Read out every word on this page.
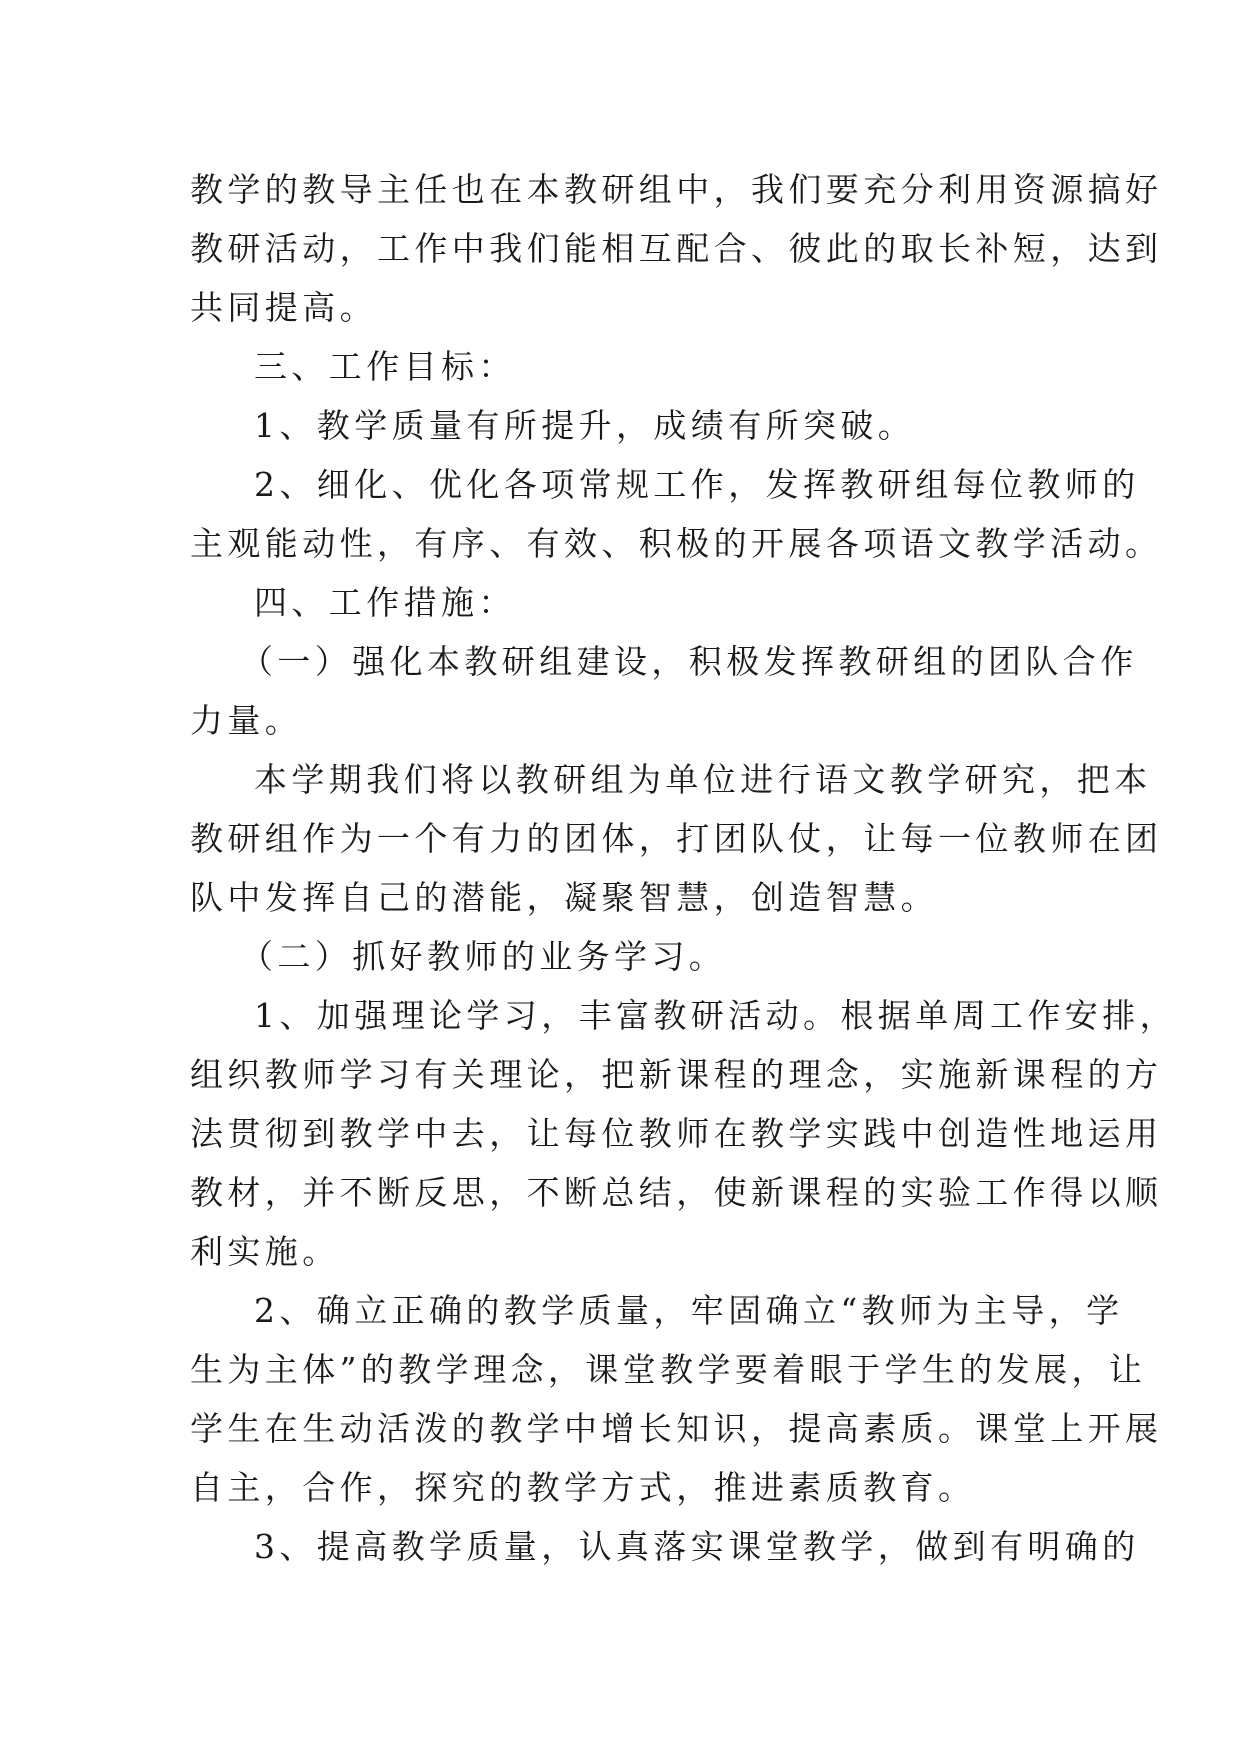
教学的教导主任也在本教研组中，我们要充分利用资源搞好
教研活动，工作中我们能相互配合、彼此的取长补短，达到
共同提高。
三、工作目标：
1、教学质量有所提升，成绩有所突破。
2、细化、优化各项常规工作，发挥教研组每位教师的
主观能动性，有序、有效、积极的开展各项语文教学活动。
四、工作措施：
（一）强化本教研组建设，积极发挥教研组的团队合作
力量。
本学期我们将以教研组为单位进行语文教学研究，把本
教研组作为一个有力的团体，打团队仗，让每一位教师在团
队中发挥自己的潜能，凝聚智慧，创造智慧。
（二）抓好教师的业务学习。
1、加强理论学习，丰富教研活动。根据单周工作安排，
组织教师学习有关理论，把新课程的理念，实施新课程的方
法贯彻到教学中去，让每位教师在教学实践中创造性地运用
教材，并不断反思，不断总结，使新课程的实验工作得以顺
利实施。
2、确立正确的教学质量，牢固确立“教师为主导，学
生为主体”的教学理念，课堂教学要着眼于学生的发展，让
学生在生动活泼的教学中增长知识，提高素质。课堂上开展
自主，合作，探究的教学方式，推进素质教育。
3、提高教学质量，认真落实课堂教学，做到有明确的
